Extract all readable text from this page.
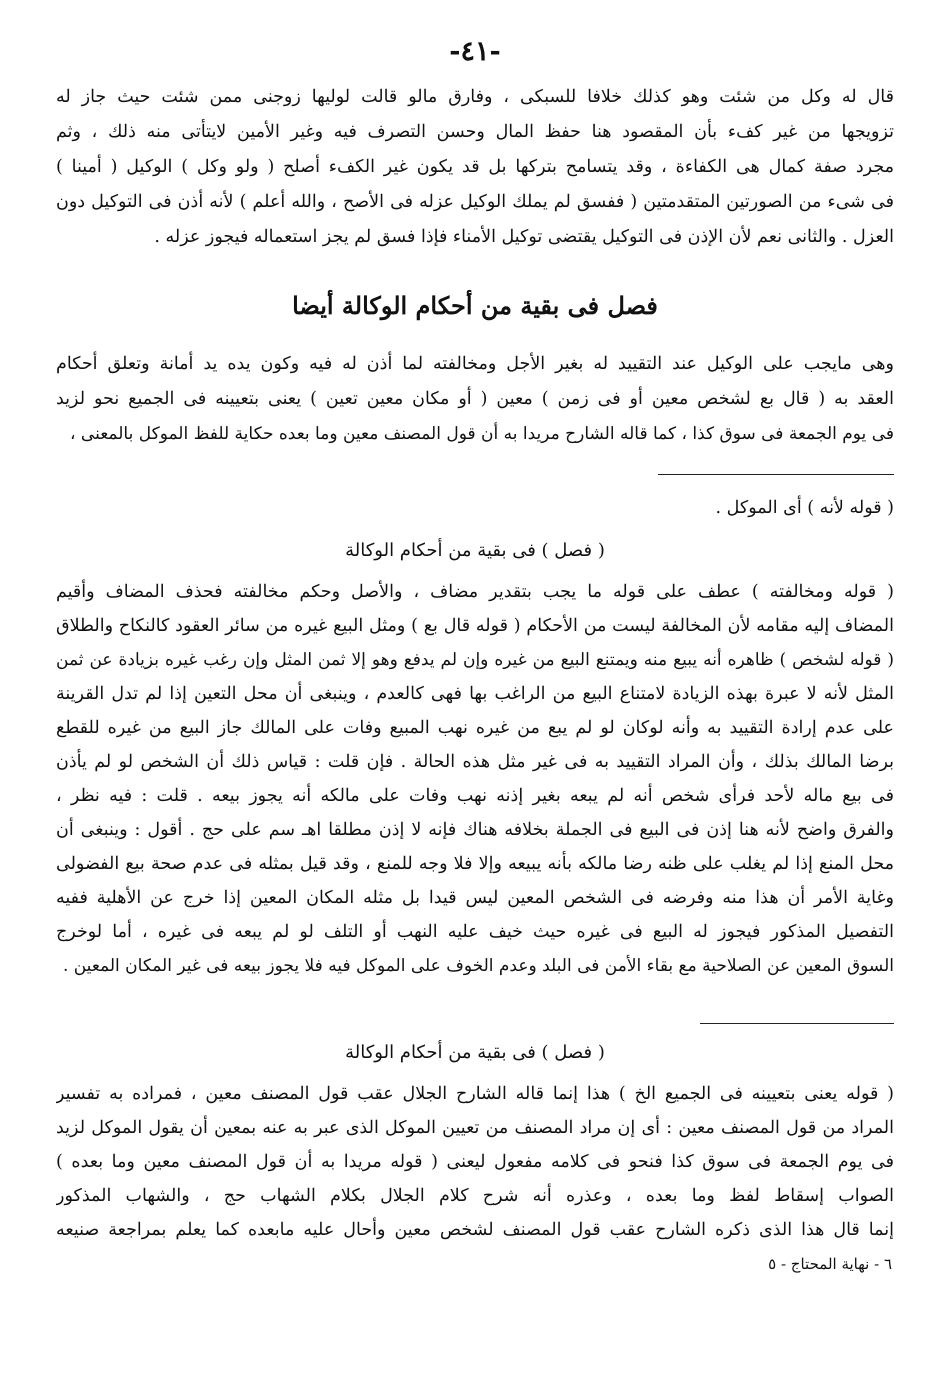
-٤١-
قال له وكل من شئت وهو كذلك خلافا للسبكى ، وفارق مالو قالت لوليها زوجنى ممن شئت حيث جاز له
تزويجها من غير كفء بأن المقصود هنا حفظ المال وحسن التصرف فيه وغير الأمين لايتأتى منه ذلك ، وثم
مجرد صفة كمال هى الكفاءة ، وقد يتسامح بتركها بل قد يكون غير الكفء أصلح ( ولو وكل ) الوكيل ( أمينا )
فى شىء من الصورتين المتقدمتين ( ففسق لم يملك الوكيل عزله فى الأصح ، والله أعلم ) لأنه أذن فى التوكيل دون
العزل . والثانى نعم لأن الإذن فى التوكيل يقتضى توكيل الأمناء فإذا فسق لم يجز استعماله فيجوز عزله .
فصل فى بقية من أحكام الوكالة أيضا
وهى مايجب على الوكيل عند التقييد له بغير الأجل ومخالفته لما أذن له فيه وكون يده يد أمانة وتعلق أحكام
العقد به ( قال بع لشخص معين أو فى زمن ) معين ( أو مكان معين تعين ) يعنى بتعيينه فى الجميع نحو لزيد
فى يوم الجمعة فى سوق كذا ، كما قاله الشارح مريدا به أن قول المصنف معين وما بعده حكاية للفظ الموكل بالمعنى ،
( قوله لأنه ) أى الموكل .
( فصل ) فى بقية من أحكام الوكالة
( قوله ومخالفته ) عطف على قوله ما يجب بتقدير مضاف ، والأصل وحكم مخالفته فحذف المضاف وأقيم
المضاف إليه مقامه لأن المخالفة ليست من الأحكام ( قوله قال بع ) ومثل البيع غيره من سائر العقود كالنكاح والطلاق
( قوله لشخص ) ظاهره أنه يبيع منه ويمتنع البيع من غيره وإن لم يدفع وهو إلا ثمن المثل وإن رغب غيره بزيادة عن ثمن
المثل لأنه لا عبرة بهذه الزيادة لامتناع البيع من الراغب بها فهى كالعدم ، وينبغى أن محل التعين إذا لم تدل القرينة
على عدم إرادة التقييد به وأنه لوكان لو لم يبع من غيره نهب المبيع وفات على المالك جاز البيع من غيره للقطع
برضا المالك بذلك ، وأن المراد التقييد به فى غير مثل هذه الحالة . فإن قلت : قياس ذلك أن الشخص لو لم يأذن
فى بيع ماله لأحد فرأى شخص أنه لم يبعه بغير إذنه نهب وفات على مالكه أنه يجوز بيعه . قلت : فيه نظر ،
والفرق واضح لأنه هنا إذن فى البيع فى الجملة بخلافه هناك فإنه لا إذن مطلقا اهـ سم على حج . أقول : وينبغى أن
محل المنع إذا لم يغلب على ظنه رضا مالكه بأنه يبيعه وإلا فلا وجه للمنع ، وقد قيل بمثله فى عدم صحة بيع الفضولى
وغاية الأمر أن هذا منه وفرضه فى الشخص المعين ليس قيدا بل مثله المكان المعين إذا خرج عن الأهلية ففيه
التفصيل المذكور فيجوز له البيع فى غيره حيث خيف عليه النهب أو التلف لو لم يبعه فى غيره ، أما لوخرج
السوق المعين عن الصلاحية مع بقاء الأمن فى البلد وعدم الخوف على الموكل فيه فلا يجوز بيعه فى غير المكان المعين .
( فصل ) فى بقية من أحكام الوكالة
( قوله يعنى بتعيينه فى الجميع الخ ) هذا إنما قاله الشارح الجلال عقب قول المصنف معين ، فمراده به تفسير
المراد من قول المصنف معين : أى إن مراد المصنف من تعيين الموكل الذى عبر به عنه بمعين أن يقول الموكل لزيد
فى يوم الجمعة فى سوق كذا فنحو فى كلامه مفعول ليعنى ( قوله مريدا به أن قول المصنف معين وما بعده )
الصواب إسقاط لفظ وما بعده ، وعذره أنه شرح كلام الجلال بكلام الشهاب حج ، والشهاب المذكور
إنما قال هذا الذى ذكره الشارح عقب قول المصنف لشخص معين وأحال عليه مابعده كما يعلم بمراجعة صنيعه
٦ - نهاية المحتاج - ٥
